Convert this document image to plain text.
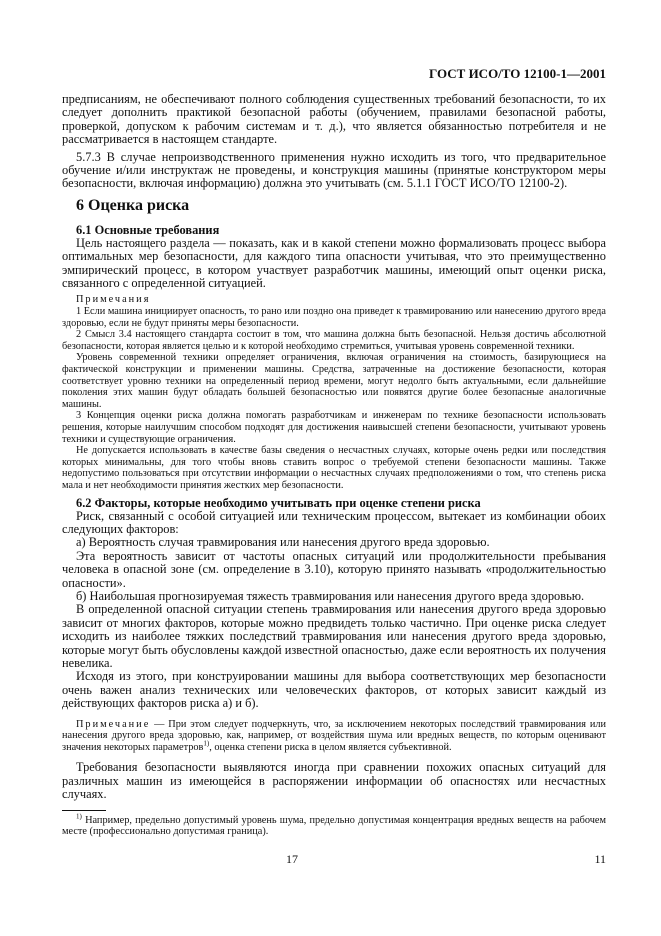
ГОСТ ИСО/ТО 12100-1—2001
предписаниям, не обеспечивают полного соблюдения существенных требований безопасности, то их следует дополнить практикой безопасной работы (обучением, правилами безопасной работы, проверкой, допуском к рабочим системам и т. д.), что является обязанностью потребителя и не рассматривается в настоящем стандарте.
5.7.3 В случае непроизводственного применения нужно исходить из того, что предварительное обучение и/или инструктаж не проведены, и конструкция машины (принятые конструктором меры безопасности, включая информацию) должна это учитывать (см. 5.1.1 ГОСТ ИСО/ТО 12100-2).
6 Оценка риска
6.1 Основные требования
Цель настоящего раздела — показать, как и в какой степени можно формализовать процесс выбора оптимальных мер безопасности, для каждого типа опасности учитывая, что это преимущественно эмпирический процесс, в котором участвует разработчик машины, имеющий опыт оценки риска, связанного с определенной ситуацией.
Примечания
1 Если машина инициирует опасность, то рано или поздно она приведет к травмированию или нанесению другого вреда здоровью, если не будут приняты меры безопасности.
2 Смысл 3.4 настоящего стандарта состоит в том, что машина должна быть безопасной. Нельзя достичь абсолютной безопасности, которая является целью и к которой необходимо стремиться, учитывая уровень современной техники.
Уровень современной техники определяет ограничения, включая ограничения на стоимость, базирующиеся на фактической конструкции и применении машины. Средства, затраченные на достижение безопасности, которая соответствует уровню техники на определенный период времени, могут недолго быть актуальными, если дальнейшие поколения этих машин будут обладать большей безопасностью или появятся другие более безопасные аналогичные машины.
3 Концепция оценки риска должна помогать разработчикам и инженерам по технике безопасности использовать решения, которые наилучшим способом подходят для достижения наивысшей степени безопасности, учитывают уровень техники и существующие ограничения.
Не допускается использовать в качестве базы сведения о несчастных случаях, которые очень редки или последствия которых минимальны, для того чтобы вновь ставить вопрос о требуемой степени безопасности машины. Также недопустимо пользоваться при отсутствии информации о несчастных случаях предположениями о том, что степень риска мала и нет необходимости принятия жестких мер безопасности.
6.2 Факторы, которые необходимо учитывать при оценке степени риска
Риск, связанный с особой ситуацией или техническим процессом, вытекает из комбинации обоих следующих факторов:
а) Вероятность случая травмирования или нанесения другого вреда здоровью.
Эта вероятность зависит от частоты опасных ситуаций или продолжительности пребывания человека в опасной зоне (см. определение в 3.10), которую принято называть «продолжительностью опасности».
б) Наибольшая прогнозируемая тяжесть травмирования или нанесения другого вреда здоровью.
В определенной опасной ситуации степень травмирования или нанесения другого вреда здоровью зависит от многих факторов, которые можно предвидеть только частично. При оценке риска следует исходить из наиболее тяжких последствий травмирования или нанесения другого вреда здоровью, которые могут быть обусловлены каждой известной опасностью, даже если вероятность их получения невелика.
Исходя из этого, при конструировании машины для выбора соответствующих мер безопасности очень важен анализ технических или человеческих факторов, от которых зависит каждый из действующих факторов риска а) и б).
Примечание — При этом следует подчеркнуть, что, за исключением некоторых последствий травмирования или нанесения другого вреда здоровью, как, например, от воздействия шума или вредных веществ, по которым оценивают значения некоторых параметров$^{1)}$, оценка степени риска в целом является субъективной.
Требования безопасности выявляются иногда при сравнении похожих опасных ситуаций для различных машин из имеющейся в распоряжении информации об опасностях или несчастных случаях.
$^{1)}$ Например, предельно допустимый уровень шума, предельно допустимая концентрация вредных веществ на рабочем месте (профессионально допустимая граница).
17	11
